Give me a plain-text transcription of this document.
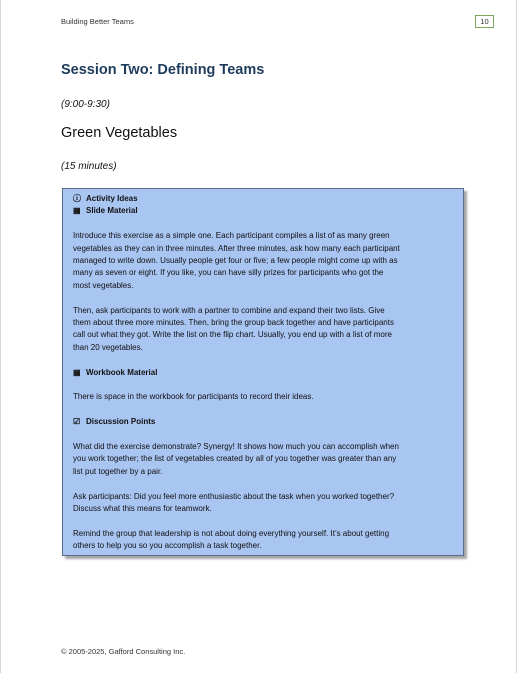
Building Better Teams	10
Session Two: Defining Teams
(9:00-9:30)
Green Vegetables
(15 minutes)
ⓘ Activity Ideas
▦ Slide Material
Introduce this exercise as a simple one. Each participant compiles a list of as many green
vegetables as they can in three minutes. After three minutes, ask how many each participant
managed to write down. Usually people get four or five; a few people might come up with as
many as seven or eight. If you like, you can have silly prizes for participants who got the
most vegetables.
Then, ask participants to work with a partner to combine and expand their two lists. Give
them about three more minutes. Then, bring the group back together and have participants
call out what they got. Write the list on the flip chart. Usually, you end up with a list of more
than 20 vegetables.
▦ Workbook Material
There is space in the workbook for participants to record their ideas.
☑ Discussion Points
What did the exercise demonstrate? Synergy! It shows how much you can accomplish when
you work together; the list of vegetables created by all of you together was greater than any
list put together by a pair.
Ask participants: Did you feel more enthusiastic about the task when you worked together?
Discuss what this means for teamwork.
Remind the group that leadership is not about doing everything yourself. It’s about getting
others to help you so you accomplish a task together.
© 2005-2025, Gafford Consulting Inc.
